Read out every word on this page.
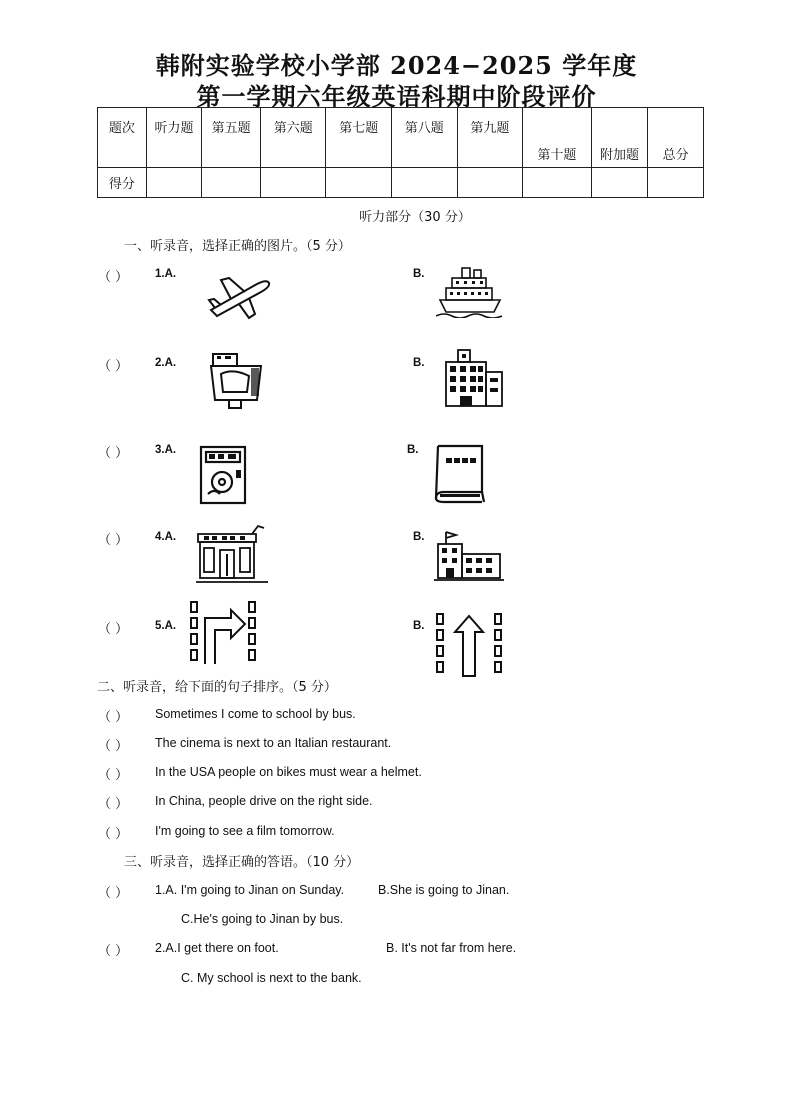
韩附实验学校小学部 2024−2025 学年度
第一学期六年级英语科期中阶段评价
题次	听力题	第五题	第六题	第七题	第八题	第九题	第十题	附加题	总分

得分									
听力部分（30 分）
一、听录音，选择正确的图片。（5 分）
（ ） 1.A.	B.
（ ） 2.A.	B.
（ ） 3.A.	B.
（ ） 4.A.	B.
（ ） 5.A.	B.
二、听录音，给下面的句子排序。（5 分）
（ ） Sometimes I come to school by bus.
（ ） The cinema is next to an Italian restaurant.
（ ） In the USA people on bikes must wear a helmet.
（ ） In China, people drive on the right side.
（ ） I'm going to see a film tomorrow.
三、听录音，选择正确的答语。（10 分）
（ ） 1.A. I'm going to Jinan on Sunday.	B.She is going to Jinan.
C.He's going to Jinan by bus.
（ ） 2.A.I get there on foot.	B. It's not far from here.
C. My school is next to the bank.
